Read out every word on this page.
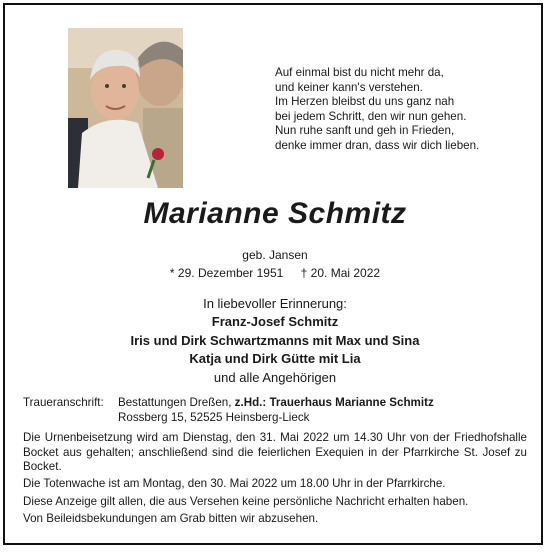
Auf einmal bist du nicht mehr da,
und keiner kann's verstehen.
Im Herzen bleibst du uns ganz nah
bei jedem Schritt, den wir nun gehen.
Nun ruhe sanft und geh in Frieden,
denke immer dran, dass wir dich lieben.
Marianne Schmitz
geb. Jansen
* 29. Dezember 1951 † 20. Mai 2022
In liebevoller Erinnerung:
Franz-Josef Schmitz
Iris und Dirk Schwartzmanns mit Max und Sina
Katja und Dirk Gütte mit Lia
und alle Angehörigen
Traueranschrift: Bestattungen Dreßen, z.Hd.: Trauerhaus Marianne Schmitz
Rossberg 15, 52525 Heinsberg-Lieck
Die Urnenbeisetzung wird am Dienstag, den 31. Mai 2022 um 14.30 Uhr von der Friedhofshalle Bocket aus gehalten; anschließend sind die feierlichen Exequien in der Pfarrkirche St. Josef zu Bocket.
Die Totenwache ist am Montag, den 30. Mai 2022 um 18.00 Uhr in der Pfarrkirche.
Diese Anzeige gilt allen, die aus Versehen keine persönliche Nachricht erhalten haben.
Von Beileidsbekundungen am Grab bitten wir abzusehen.
